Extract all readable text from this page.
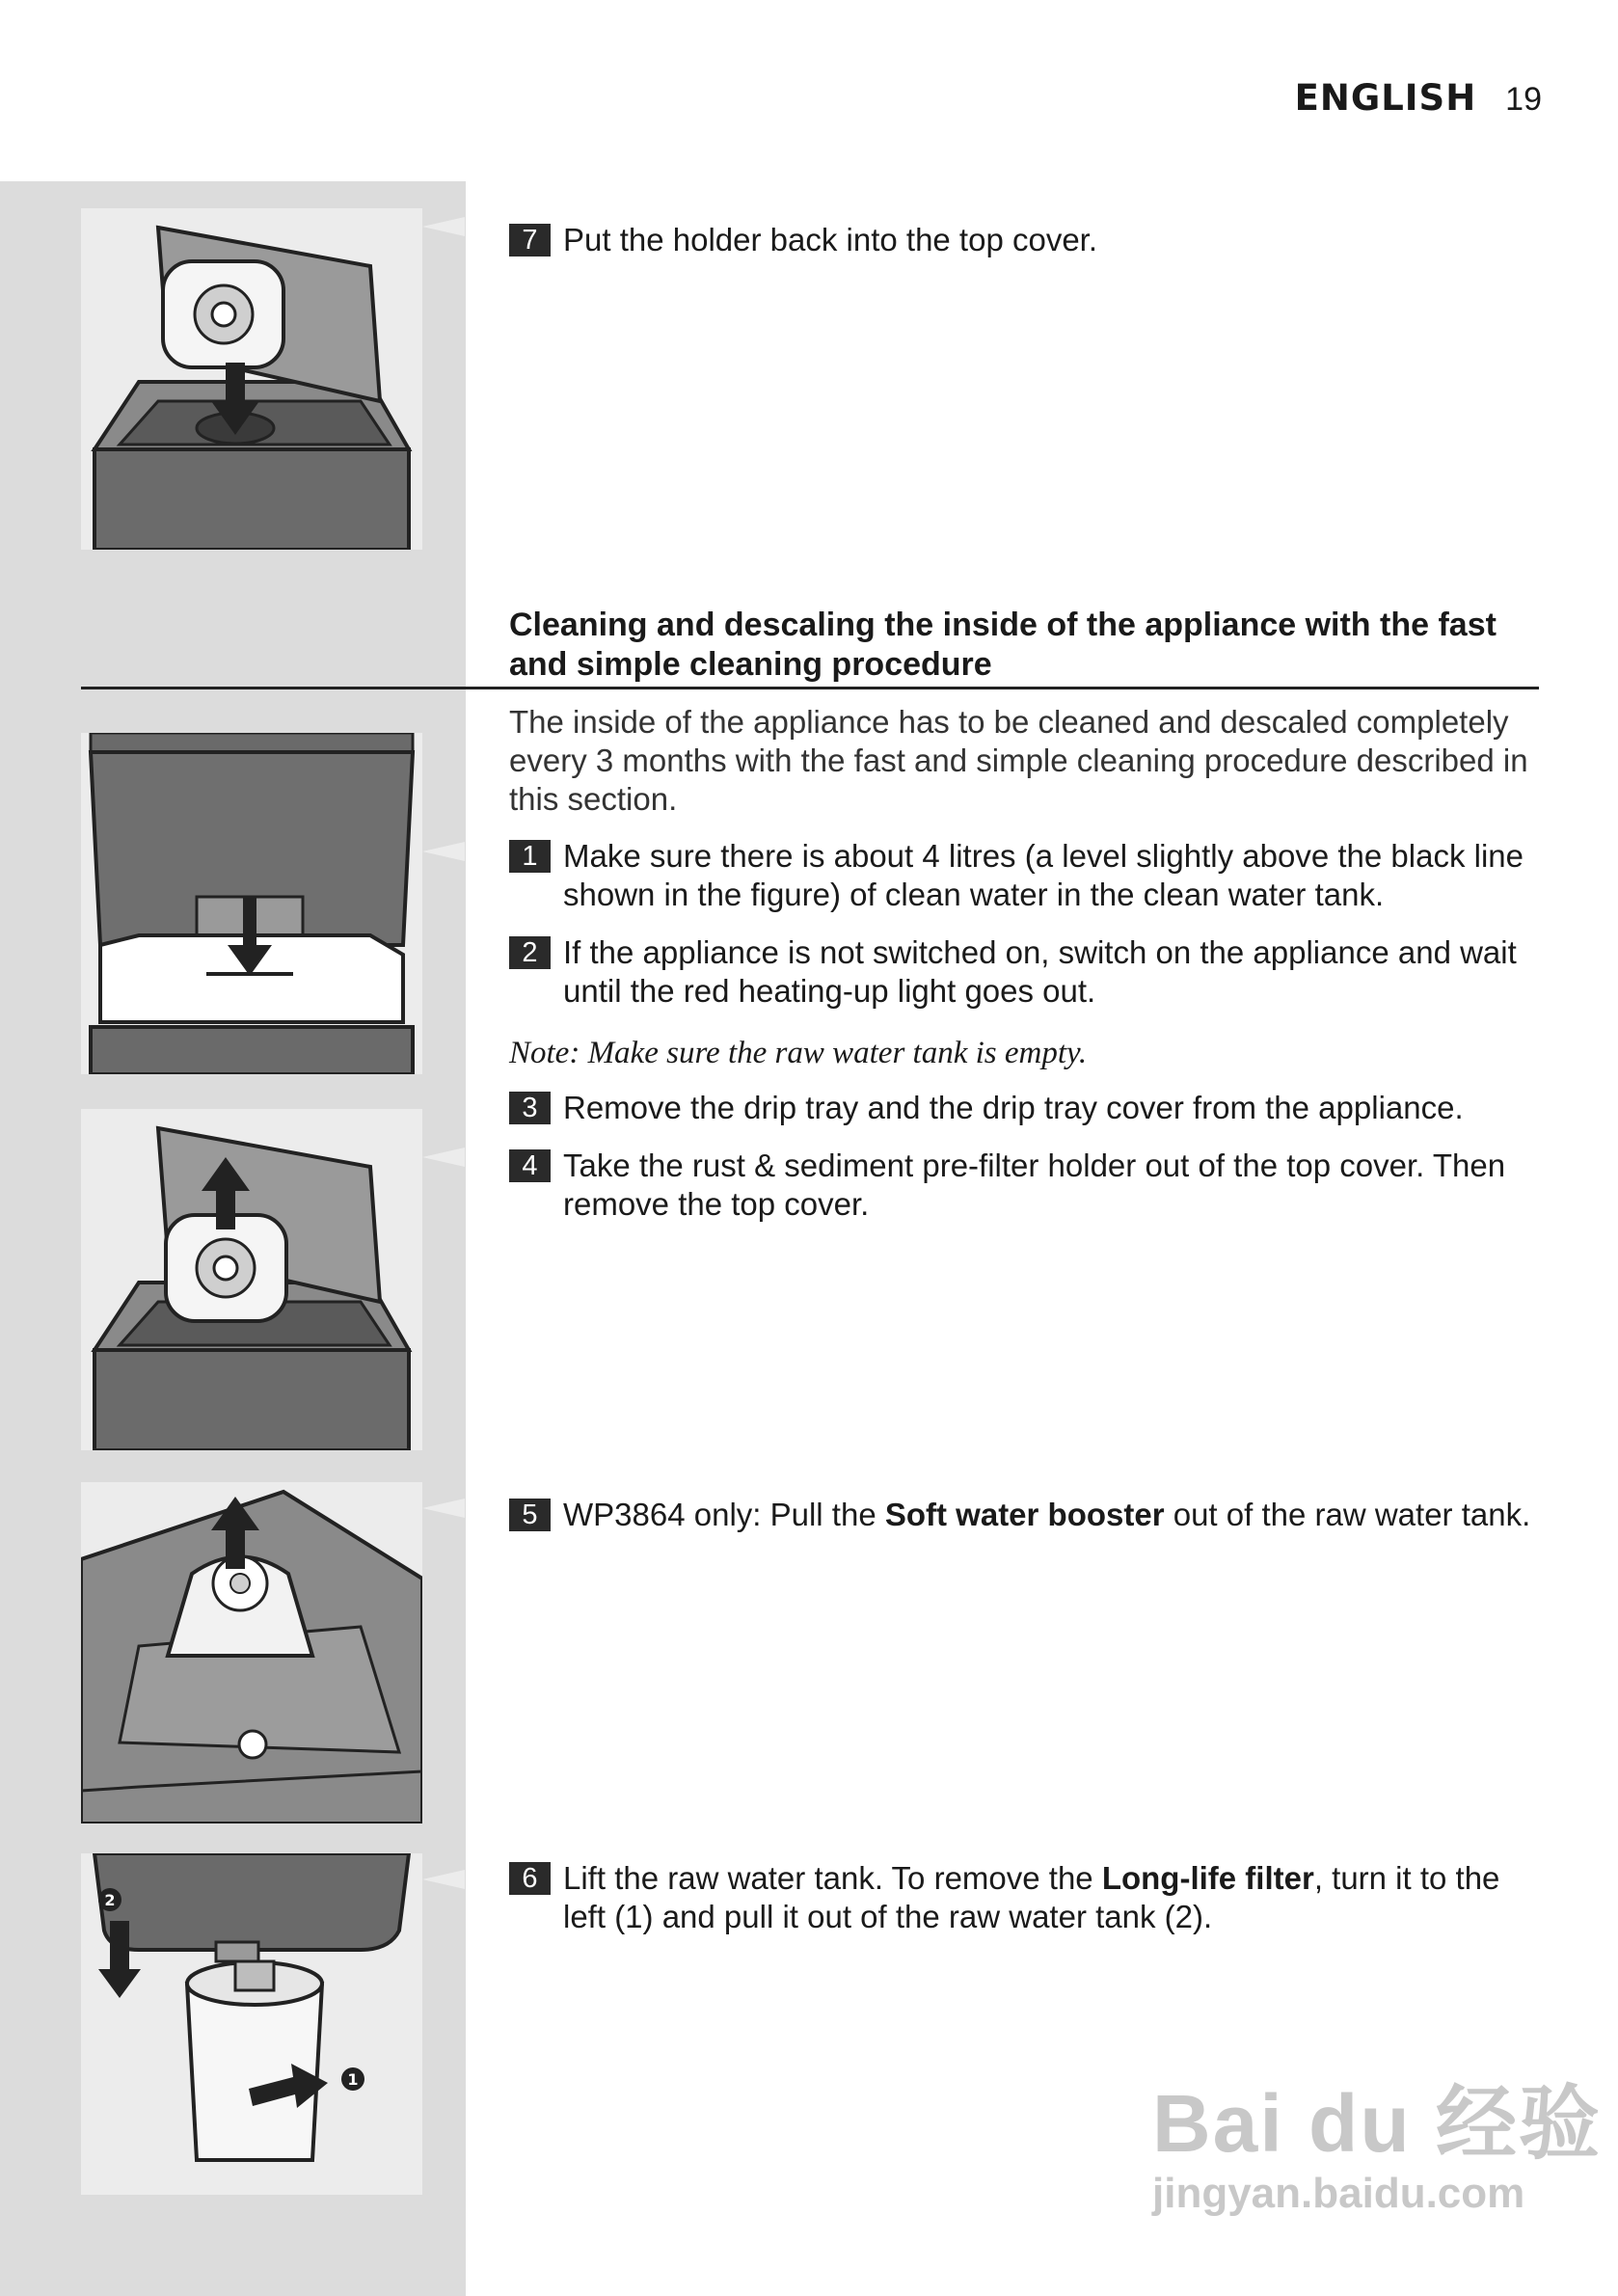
ENGLISH 19
7 Put the holder back into the top cover.
Cleaning and descaling the inside of the appliance with the fast and simple cleaning procedure
The inside of the appliance has to be cleaned and descaled completely every 3 months with the fast and simple cleaning procedure described in this section.
1 Make sure there is about 4 litres (a level slightly above the black line shown in the figure) of clean water in the clean water tank.
2 If the appliance is not switched on, switch on the appliance and wait until the red heating-up light goes out.
Note: Make sure the raw water tank is empty.
3 Remove the drip tray and the drip tray cover from the appliance.
4 Take the rust & sediment pre-filter holder out of the top cover. Then remove the top cover.
5 WP3864 only: Pull the Soft water booster out of the raw water tank.
2
1
6 Lift the raw water tank. To remove the Long-life filter, turn it to the left (1) and pull it out of the raw water tank (2).
Bai du 经验
jingyan.baidu.com
